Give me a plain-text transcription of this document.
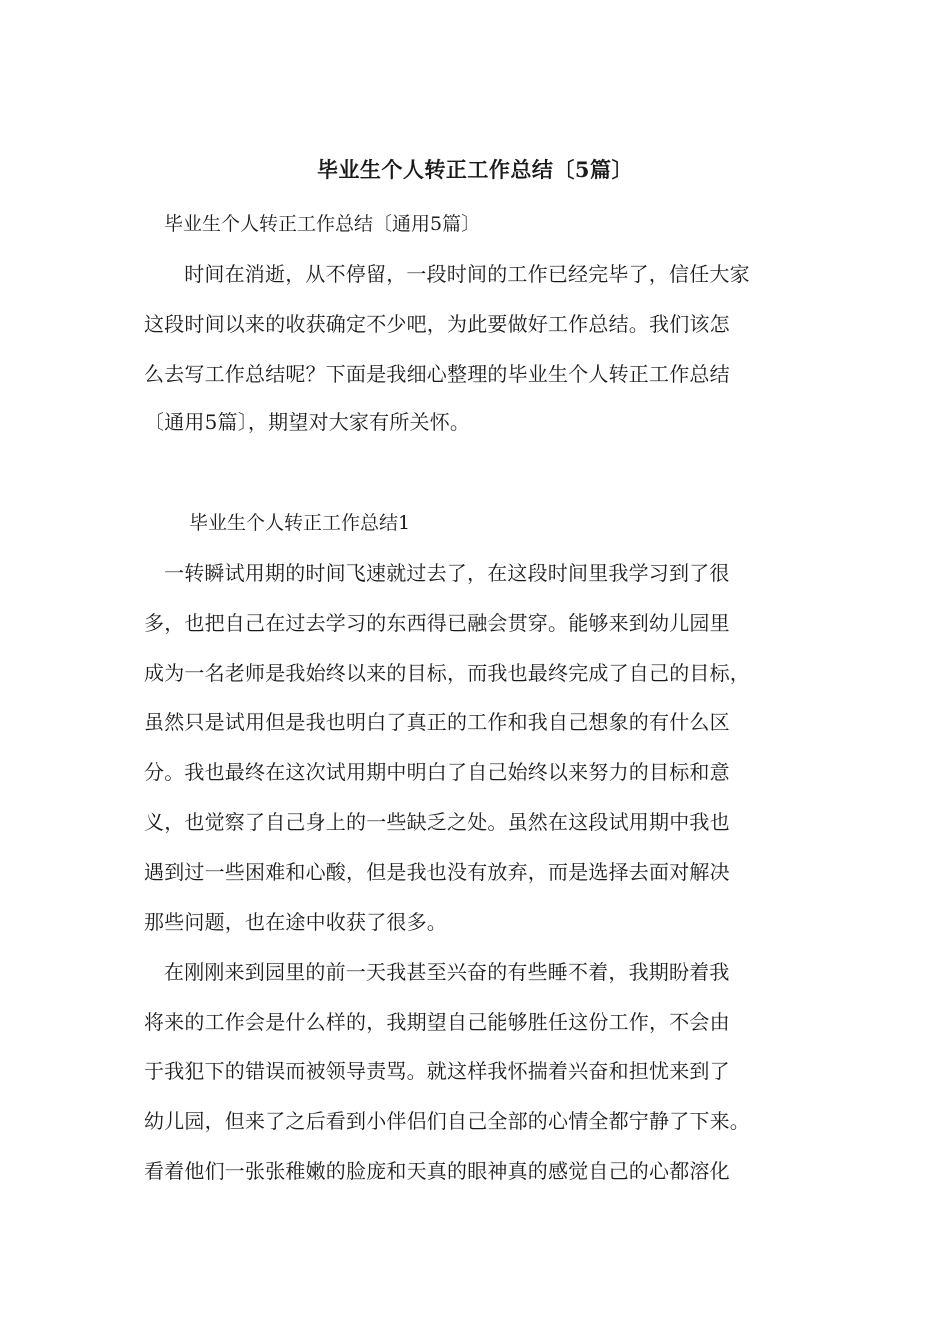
毕业生个人转正工作总结〔5篇〕
毕业生个人转正工作总结〔通用5篇〕
　时间在消逝，从不停留，一段时间的工作已经完毕了，信任大家
这段时间以来的收获确定不少吧，为此要做好工作总结。我们该怎
么去写工作总结呢？下面是我细心整理的毕业生个人转正工作总结
〔通用5篇〕，期望对大家有所关怀。
毕业生个人转正工作总结1
一转瞬试用期的时间飞速就过去了，在这段时间里我学习到了很
多，也把自己在过去学习的东西得已融会贯穿。能够来到幼儿园里
成为一名老师是我始终以来的目标，而我也最终完成了自己的目标，
虽然只是试用但是我也明白了真正的工作和我自己想象的有什么区
分。我也最终在这次试用期中明白了自己始终以来努力的目标和意
义，也觉察了自己身上的一些缺乏之处。虽然在这段试用期中我也
遇到过一些困难和心酸，但是我也没有放弃，而是选择去面对解决
那些问题，也在途中收获了很多。
在刚刚来到园里的前一天我甚至兴奋的有些睡不着，我期盼着我
将来的工作会是什么样的，我期望自己能够胜任这份工作，不会由
于我犯下的错误而被领导责骂。就这样我怀揣着兴奋和担忧来到了
幼儿园，但来了之后看到小伴侣们自己全部的心情全都宁静了下来。
看着他们一张张稚嫩的脸庞和天真的眼神真的感觉自己的心都溶化
